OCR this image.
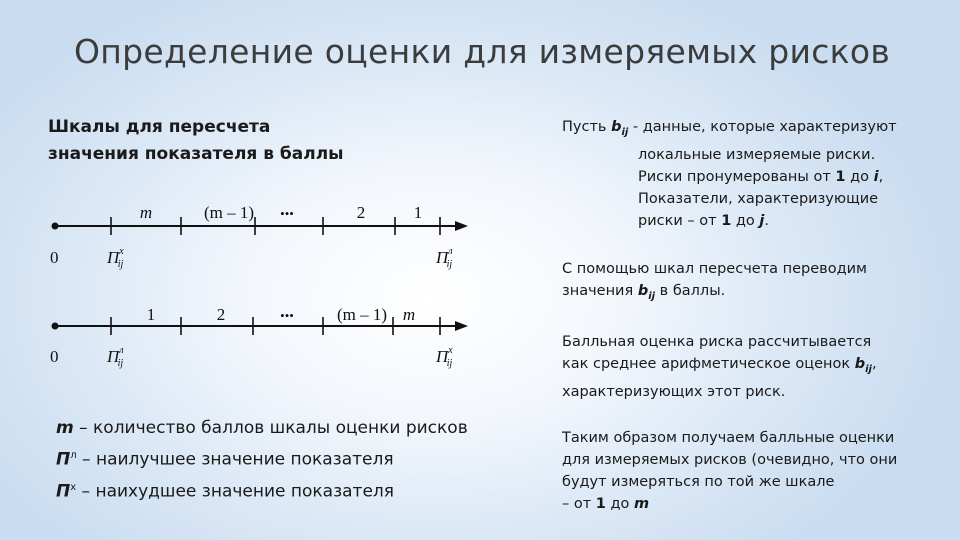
Определение оценки для измеряемых рисков
Шкалы для пересчета
значения показателя в баллы
m	(m – 1) •••	2	1
0	$П^x$ ij	$П^л$ ij
1	2	•••	(m – 1) m
0	$П^л$ ij	$П^x$ ij
m – количество баллов шкалы оценки рисков
$П^л$ – наилучшее значение показателя
$П^х$ – наихудшее значение показателя
Пусть $b_{ij}$ - данные, которые характеризуют
локальные измеряемые риски.
Риски пронумерованы от 1 до i,
Показатели, характеризующие
риски – от 1 до j.
С помощью шкал пересчета переводим
значения $b_{ij}$ в баллы.
Балльная оценка риска рассчитывается
как среднее арифметическое оценок $b_{ij}$,
характеризующих этот риск.
Таким образом получаем балльные оценки
для измеряемых рисков (очевидно, что они
будут измеряться по той же шкале
– от 1 до m
